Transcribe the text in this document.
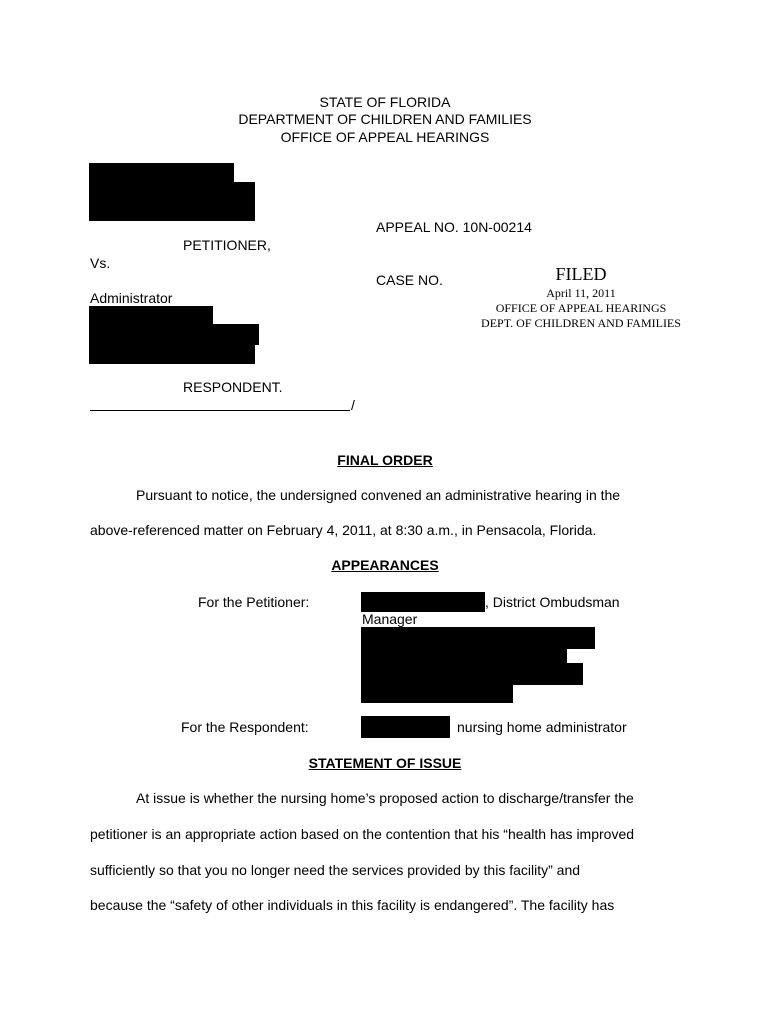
STATE OF FLORIDA
DEPARTMENT OF CHILDREN AND FAMILIES
OFFICE OF APPEAL HEARINGS
APPEAL NO. 10N-00214
PETITIONER,
Vs.
CASE NO.
Administrator
FILED
April 11, 2011
OFFICE OF APPEAL HEARINGS
DEPT. OF CHILDREN AND FAMILIES
RESPONDENT.
/
FINAL ORDER
Pursuant to notice, the undersigned convened an administrative hearing in the
above-referenced matter on February 4, 2011, at 8:30 a.m., in Pensacola, Florida.
APPEARANCES
For the Petitioner:	, District Ombudsman
Manager
For the Respondent:	nursing home administrator
STATEMENT OF ISSUE
At issue is whether the nursing home’s proposed action to discharge/transfer the
petitioner is an appropriate action based on the contention that his “health has improved
sufficiently so that you no longer need the services provided by this facility” and
because the “safety of other individuals in this facility is endangered”. The facility has
